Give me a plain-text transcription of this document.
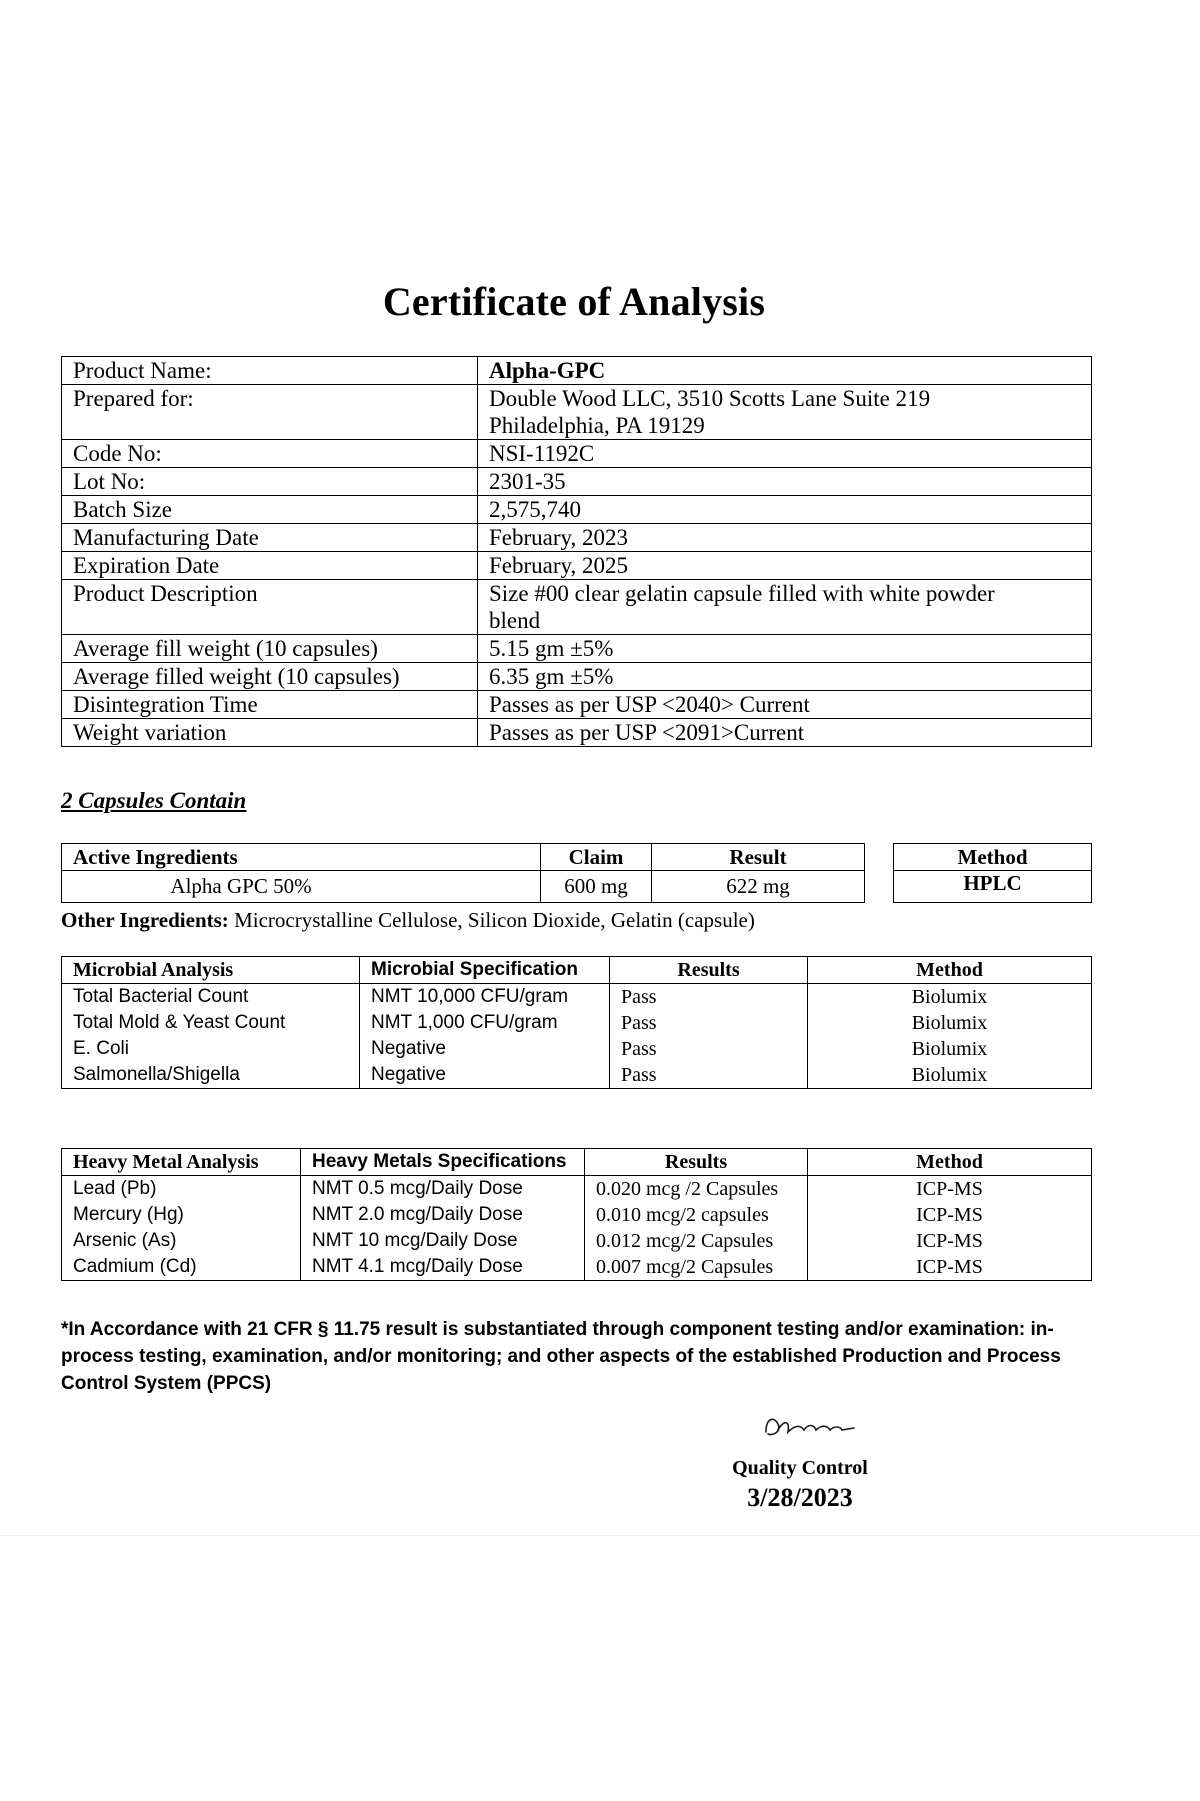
Certificate of Analysis
Product Name:	Alpha-GPC

Prepared for:	Double Wood LLC, 3510 Scotts Lane Suite 219
Philadelphia, PA 19129

Code No:	NSI-1192C

Lot No:	2301-35

Batch Size	2,575,740

Manufacturing Date	February, 2023

Expiration Date	February, 2025

Product Description	Size #00 clear gelatin capsule filled with white powder
blend

Average fill weight (10 capsules)	5.15 gm ±5%

Average filled weight (10 capsules)	6.35 gm ±5%

Disintegration Time	Passes as per USP <2040> Current

Weight variation	Passes as per USP <2091>Current
2 Capsules Contain
Active Ingredients	Claim	Result		Method
Alpha GPC 50%	600 mg	622 mg		HPLC
Other Ingredients: Microcrystalline Cellulose, Silicon Dioxide, Gelatin (capsule)
Microbial Analysis	Microbial Specification	Results	Method
Total Bacterial Count	NMT 10,000 CFU/gram	Pass	Biolumix
Total Mold & Yeast Count	NMT 1,000 CFU/gram	Pass	Biolumix
E. Coli	Negative	Pass	Biolumix
Salmonella/Shigella	Negative	Pass	Biolumix
Heavy Metal Analysis	Heavy Metals Specifications	Results	Method
Lead (Pb)	NMT 0.5 mcg/Daily Dose	0.020 mcg /2 Capsules	ICP-MS
Mercury (Hg)	NMT 2.0 mcg/Daily Dose	0.010 mcg/2 capsules	ICP-MS
Arsenic (As)	NMT 10 mcg/Daily Dose	0.012 mcg/2 Capsules	ICP-MS
Cadmium (Cd)	NMT 4.1 mcg/Daily Dose	0.007 mcg/2 Capsules	ICP-MS
*In Accordance with 21 CFR § 11.75 result is substantiated through component testing and/or examination: in-process testing, examination, and/or monitoring; and other aspects of the established Production and Process Control System (PPCS)
Quality Control
3/28/2023
